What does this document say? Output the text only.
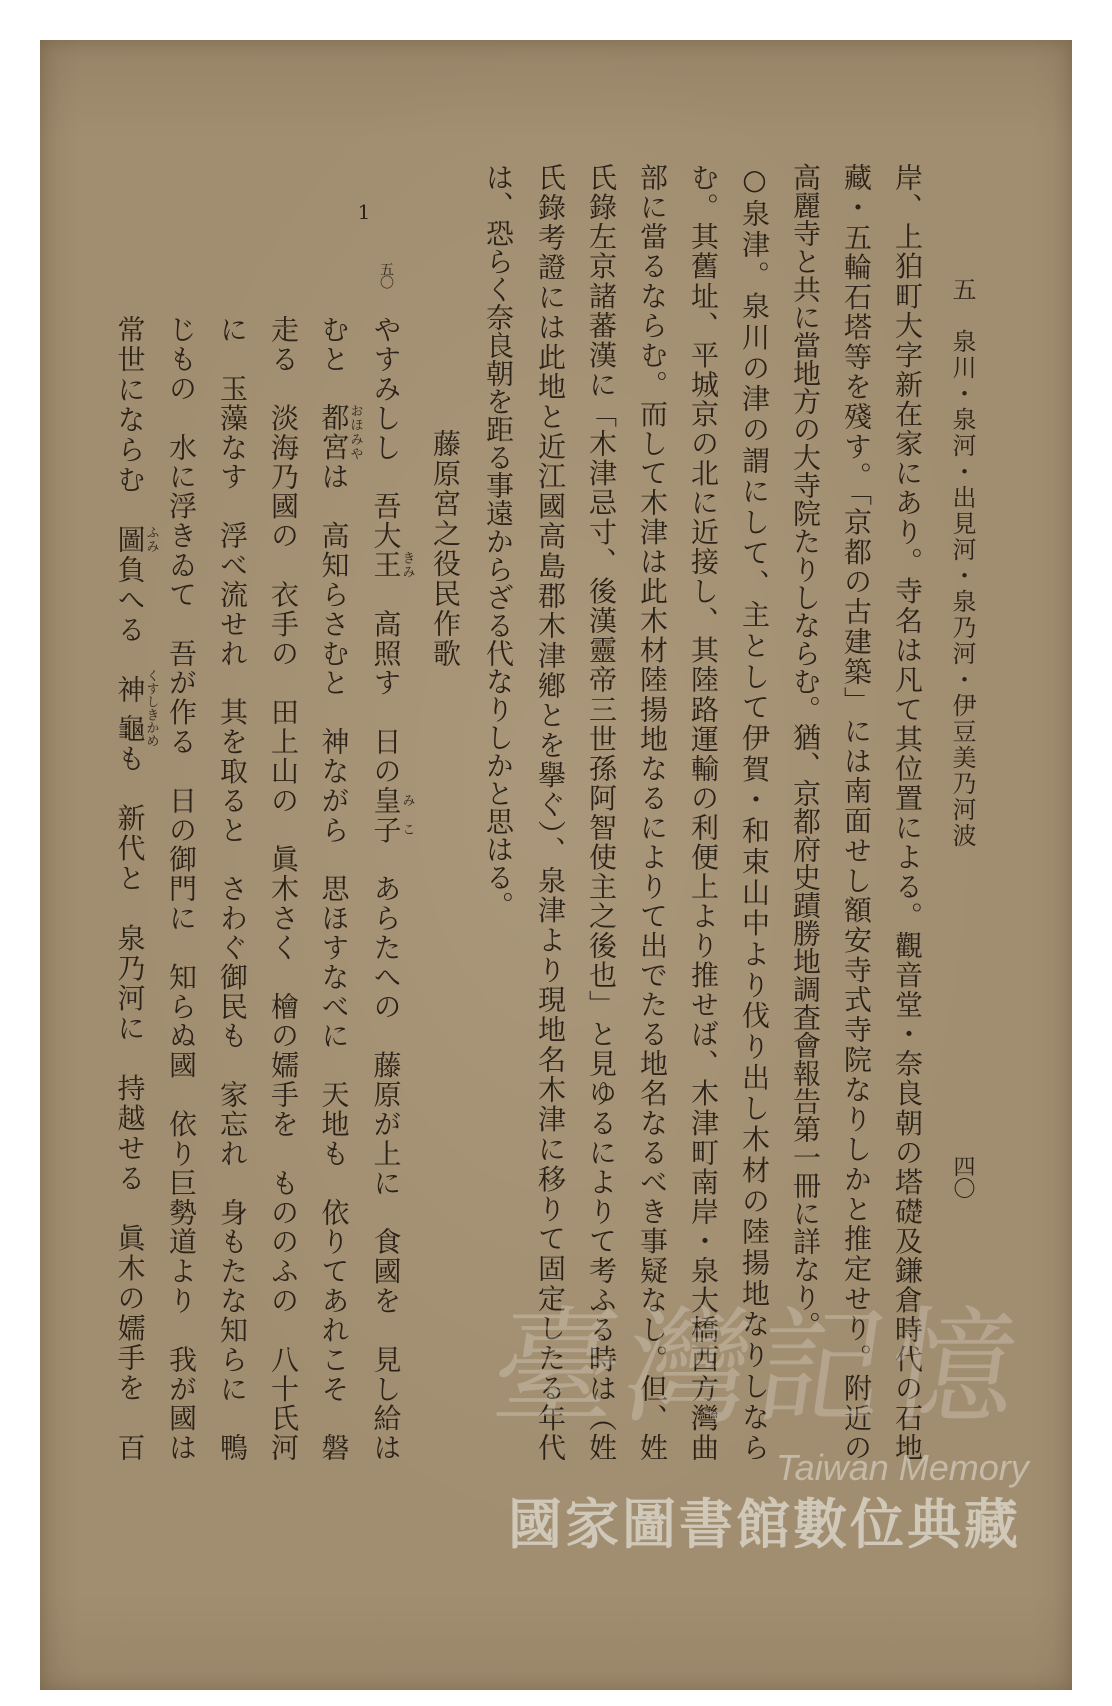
五　泉川・泉河・出見河・泉乃河・伊豆美乃河波
四〇
岸、上狛町大字新在家にあり。寺名は凡て其位置による。觀音堂・奈良朝の塔礎及鎌倉時代の石地
藏・五輪石塔等を殘す。「京都の古建築」には南面せし額安寺式寺院なりしかと推定せり。附近の
高麗寺と共に當地方の大寺院たりしならむ。猶、京都府史蹟勝地調査會報告第一冊に詳なり。
○泉津。泉川の津の謂にして、主として伊賀・和束山中より伐り出し木材の陸揚地なりしなら
む。其舊址、平城京の北に近接し、其陸路運輸の利便上より推せば、木津町南岸・泉大橋西方灣曲
部に當るならむ。而して木津は此木材陸揚地なるによりて出でたる地名なるべき事疑なし。但、姓
氏錄左京諸蕃漢に「木津忌寸、後漢靈帝三世孫阿智使主之後也」と見ゆるによりて考ふる時は（姓
氏錄考證には此地と近江國高島郡木津鄕とを擧ぐ）、泉津より現地名木津に移りて固定したる年代
は、恐らく奈良朝を距る事遠からざる代なりしかと思はる。
藤原宮之役民作歌
1
五〇
やすみしし　吾大王きみ　高照す　日の皇子みこ　あらたへの　藤原が上に　食國を　見し給は
むと　都宮おほみやは　高知らさむと　神ながら　思ほすなべに　天地も　依りてあれこそ　磐
走る　淡海乃國の　衣手の　田上山の　眞木さく　檜の嬬手を　もののふの　八十氏河
に　玉藻なす　浮べ流せれ　其を取ると　さわぐ御民も　家忘れ　身もたな知らに　鴨
じもの　水に浮きゐて　吾が作る　日の御門に　知らぬ國　依り巨勢道より　我が國は
常世にならむ　圖ふみ負へる　神龜くすしきかめも　新代と　泉乃河に　持越せる　眞木の嬬手を　百	臺灣記憶
Taiwan Memory
國家圖書館數位典藏
